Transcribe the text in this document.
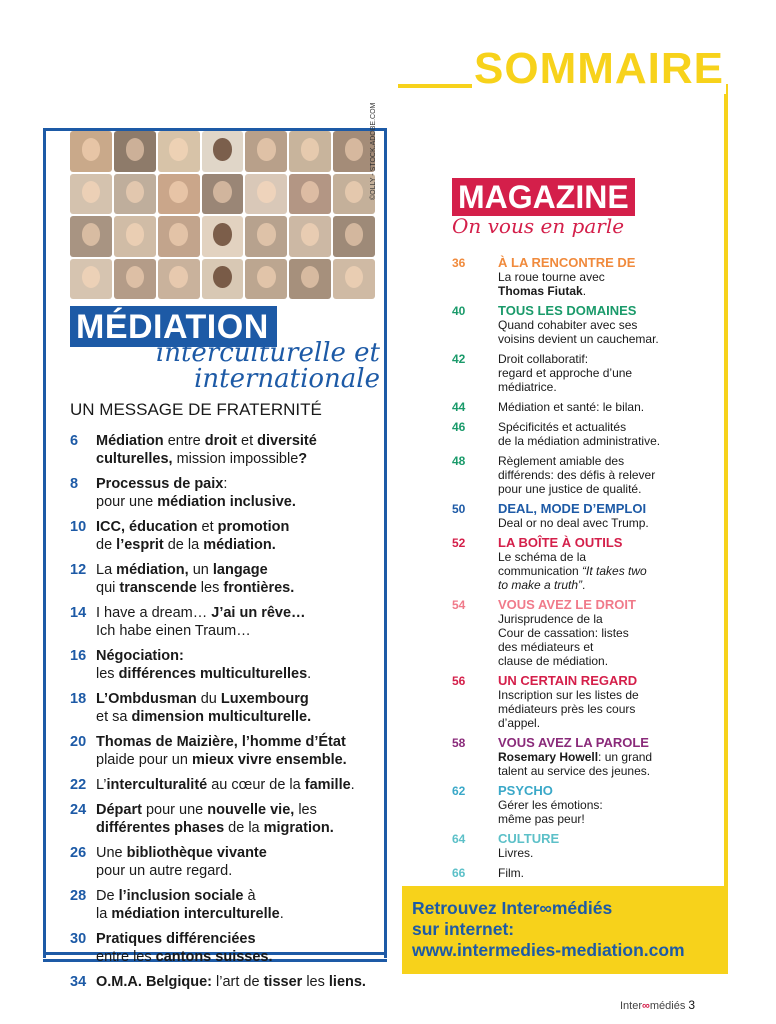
SOMMAIRE
©OLLY - STOCK.ADOBE.COM
MÉDIATION
interculturelle et
internationale
UN MESSAGE DE FRATERNITÉ
6	Médiation entre droit et diversité culturelles, mission impossible?
8	Processus de paix:
pour une médiation inclusive.
10 ICC, éducation et promotion
de l’esprit de la médiation.
12 La médiation, un langage
qui transcende les frontières.
14 I have a dream… J’ai un rêve…
Ich habe einen Traum…
16 Négociation:
les différences multiculturelles.
18 L’Ombdusman du Luxembourg
et sa dimension multiculturelle.
20 Thomas de Maizière, l’homme d’État
plaide pour un mieux vivre ensemble.
22 L’interculturalité au cœur de la famille.
24 Départ pour une nouvelle vie, les
différentes phases de la migration.
26 Une bibliothèque vivante
pour un autre regard.
28 De l’inclusion sociale à
la médiation interculturelle.
30 Pratiques différenciées
entre les cantons suisses.
34 O.M.A. Belgique: l’art de tisser les liens.
MAGAZINE
On vous en parle
36	À LA RENCONTRE DE
La roue tourne avec
Thomas Fiutak.
40	TOUS LES DOMAINES
Quand cohabiter avec ses
voisins devient un cauchemar.
42	Droit collaboratif:
regard et approche d’une
médiatrice.
44	Médiation et santé: le bilan.
46	Spécificités et actualités
de la médiation administrative.
48	Règlement amiable des
différends: des défis à relever
pour une justice de qualité.
50	DEAL, MODE D’EMPLOI
Deal or no deal avec Trump.
52	LA BOÎTE À OUTILS
Le schéma de la
communication “It takes two
to make a truth”.
54	VOUS AVEZ LE DROIT
Jurisprudence de la
Cour de cassation: listes
des médiateurs et
clause de médiation.
56	UN CERTAIN REGARD
Inscription sur les listes de
médiateurs près les cours
d’appel.
58	VOUS AVEZ LA PAROLE
Rosemary Howell: un grand
talent au service des jeunes.
62	PSYCHO
Gérer les émotions:
même pas peur!
64	CULTURE
Livres.
66	Film.
Retrouvez Inter∞médiés
sur internet:
www.intermedies-mediation.com
Inter∞médiés 3
